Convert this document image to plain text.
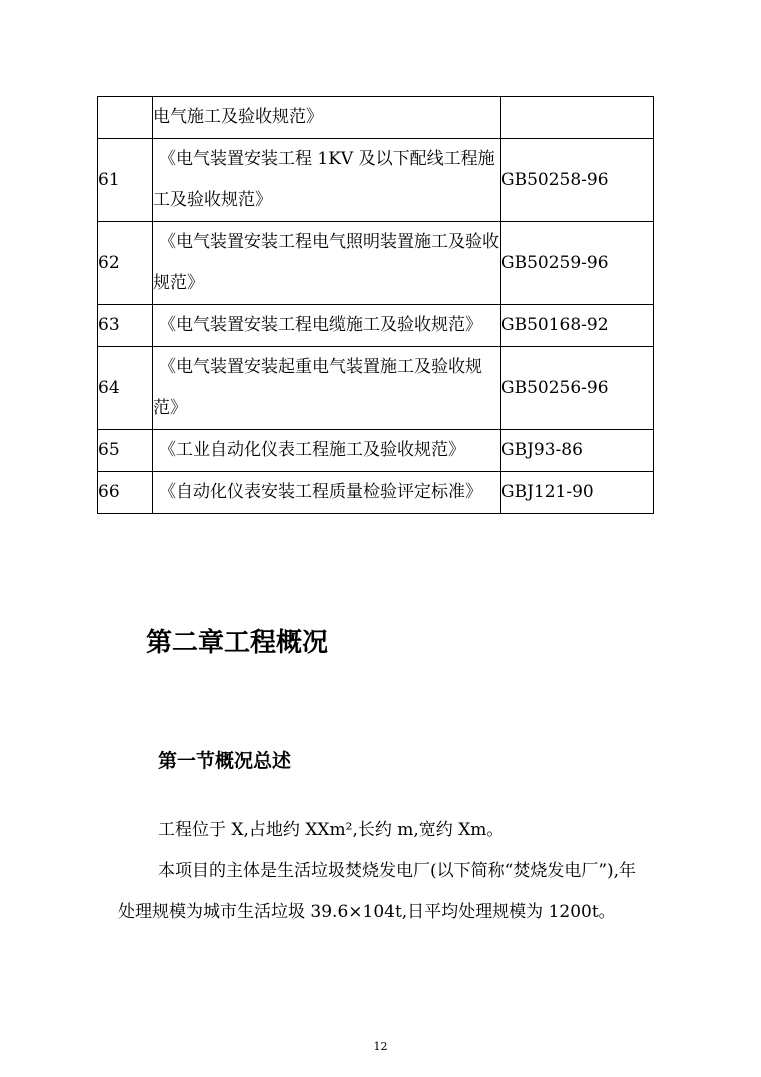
	电气施工及验收规范》	
61	《电气装置安装工程 1KV 及以下配线工程施工及验收规范》	GB50258-96
62	《电气装置安装工程电气照明装置施工及验收规范》	GB50259-96
63	《电气装置安装工程电缆施工及验收规范》	GB50168-92
64	《电气装置安装起重电气装置施工及验收规范》	GB50256-96
65	《工业自动化仪表工程施工及验收规范》	GBJ93-86
66	《自动化仪表安装工程质量检验评定标准》	GBJ121-90
第二章工程概况
第一节概况总述

工程位于 X,占地约 XXm²,长约 m,宽约 Xm。

本项目的主体是生活垃圾焚烧发电厂(以下简称“焚烧发电厂”),年处理规模为城市生活垃圾 39.6×104t,日平均处理规模为 1200t。

12
